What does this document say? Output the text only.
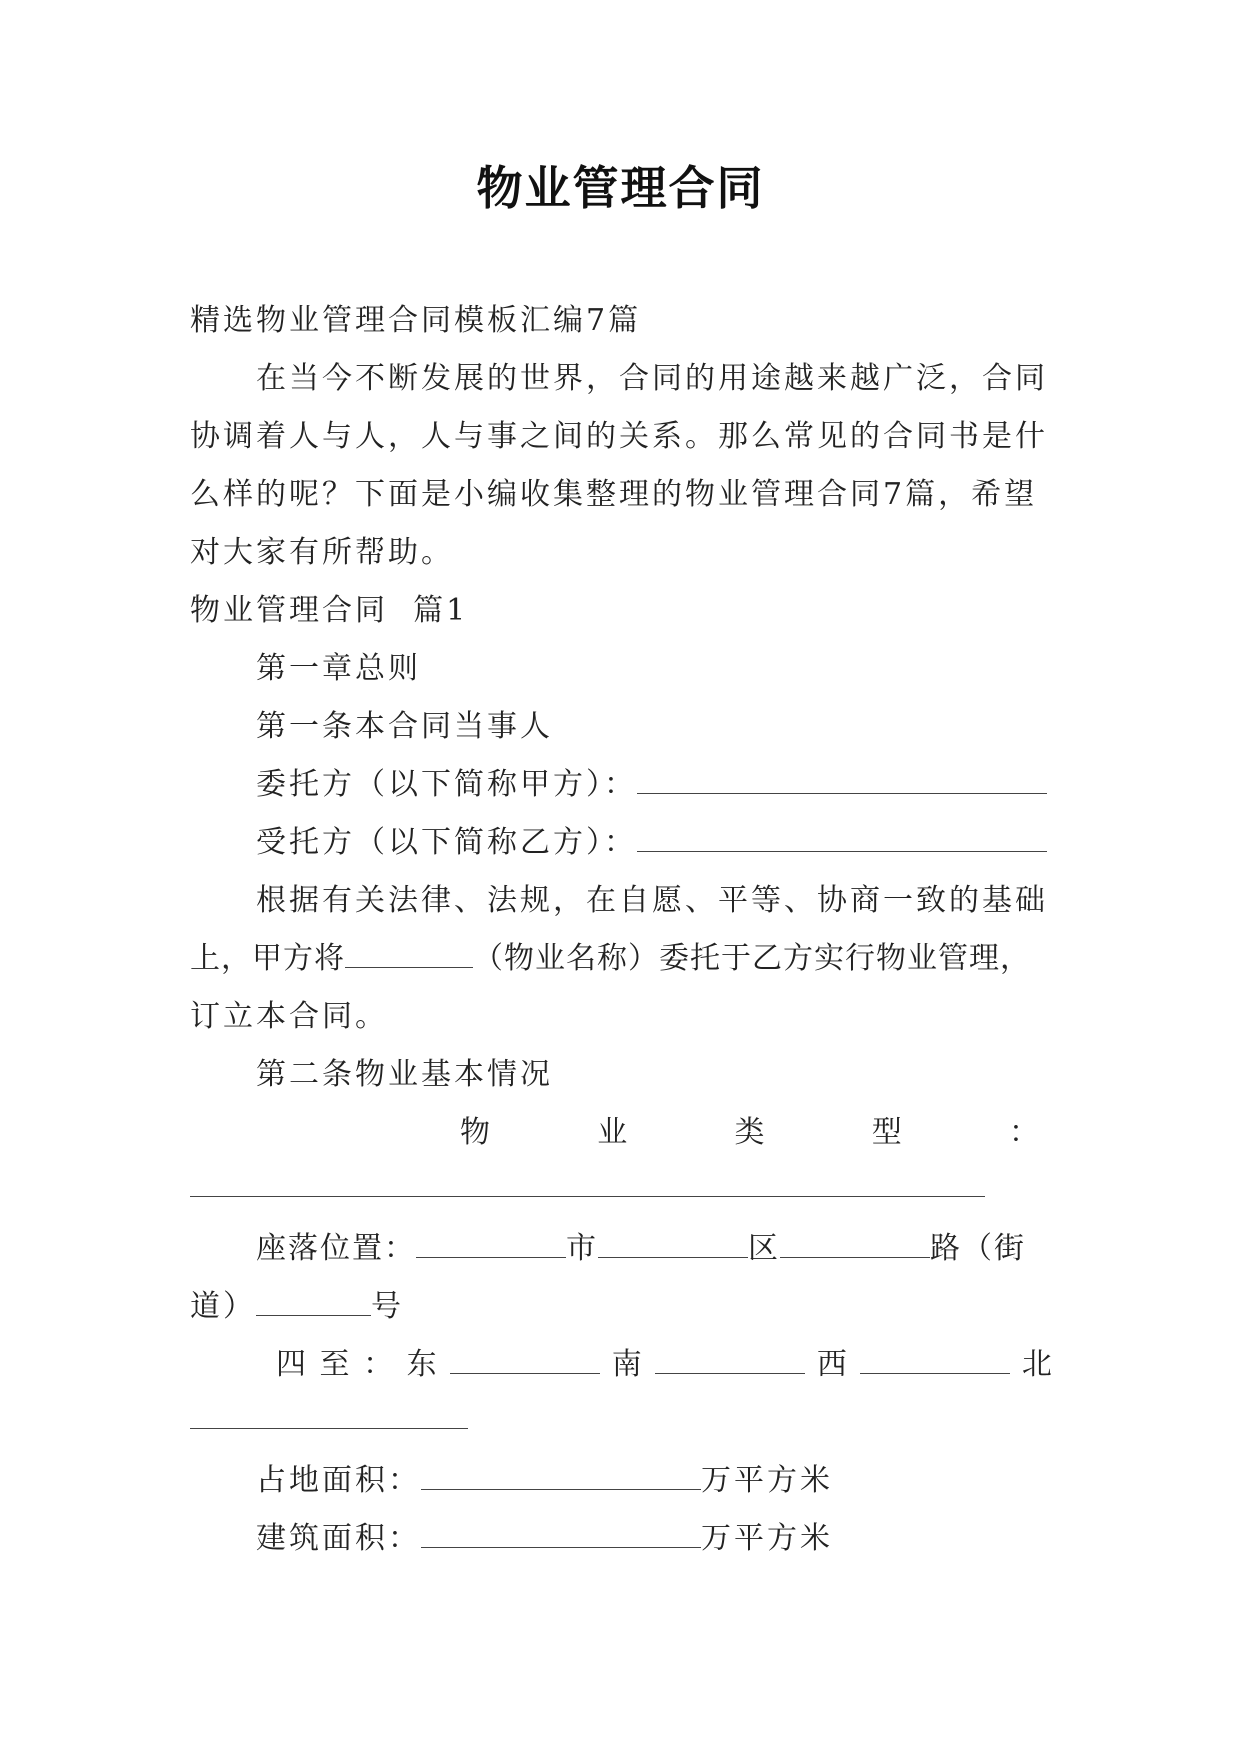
物业管理合同
精选物业管理合同模板汇编7篇
在当今不断发展的世界，合同的用途越来越广泛，合同
协调着人与人，人与事之间的关系。那么常见的合同书是什
么样的呢？下面是小编收集整理的物业管理合同7篇，希望
对大家有所帮助。
物业管理合同  篇1
第一章总则
第一条本合同当事人
委托方（以下简称甲方）：
受托方（以下简称乙方）：
根据有关法律、法规，在自愿、平等、协商一致的基础
上，甲方将	（物业名称）委托于乙方实行物业管理，
订立本合同。
第二条物业基本情况
物	业	类	型	：
座落位置：	市	区	路（街
道）	号
四 至 ： 东	南	西	北
占地面积：	万平方米
建筑面积：	万平方米
